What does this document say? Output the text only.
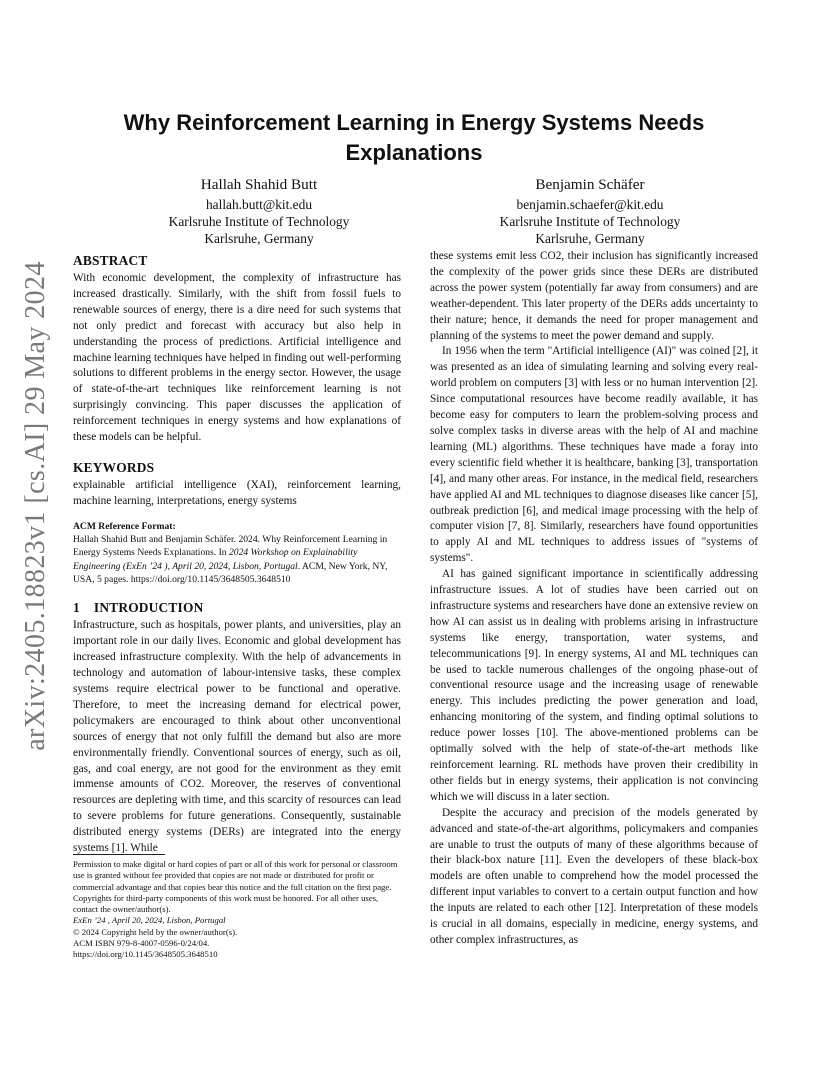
arXiv:2405.18823v1 [cs.AI] 29 May 2024
Why Reinforcement Learning in Energy Systems Needs Explanations
Hallah Shahid Butt
hallah.butt@kit.edu
Karlsruhe Institute of Technology
Karlsruhe, Germany
Benjamin Schäfer
benjamin.schaefer@kit.edu
Karlsruhe Institute of Technology
Karlsruhe, Germany
ABSTRACT

With economic development, the complexity of infrastructure has increased drastically. Similarly, with the shift from fossil fuels to renewable sources of energy, there is a dire need for such systems that not only predict and forecast with accuracy but also help in understanding the process of predictions. Artificial intelligence and machine learning techniques have helped in finding out well-performing solutions to different problems in the energy sector. However, the usage of state-of-the-art techniques like reinforcement learning is not surprisingly convincing. This paper discusses the application of reinforcement techniques in energy systems and how explanations of these models can be helpful.

KEYWORDS

explainable artificial intelligence (XAI), reinforcement learning, machine learning, interpretations, energy systems

ACM Reference Format:

Hallah Shahid Butt and Benjamin Schäfer. 2024. Why Reinforcement Learning in Energy Systems Needs Explanations. In 2024 Workshop on Explainability Engineering (ExEn ’24 ), April 20, 2024, Lisbon, Portugal. ACM, New York, NY, USA, 5 pages. https://doi.org/10.1145/3648505.3648510

1 INTRODUCTION

Infrastructure, such as hospitals, power plants, and universities, play an important role in our daily lives. Economic and global development has increased infrastructure complexity. With the help of advancements in technology and automation of labour-intensive tasks, these complex systems require electrical power to be functional and operative. Therefore, to meet the increasing demand for electrical power, policymakers are encouraged to think about other unconventional sources of energy that not only fulfill the demand but also are more environmentally friendly. Conventional sources of energy, such as oil, gas, and coal energy, are not good for the environment as they emit immense amounts of CO2. Moreover, the reserves of conventional resources are depleting with time, and this scarcity of resources can lead to severe problems for future generations. Consequently, sustainable distributed energy systems (DERs) are integrated into the energy systems [1]. While

these systems emit less CO2, their inclusion has significantly increased the complexity of the power grids since these DERs are distributed across the power system (potentially far away from consumers) and are weather-dependent. This later property of the DERs adds uncertainty to their nature; hence, it demands the need for proper management and planning of the systems to meet the power demand and supply.

In 1956 when the term "Artificial intelligence (AI)" was coined [2], it was presented as an idea of simulating learning and solving every real-world problem on computers [3] with less or no human intervention [2]. Since computational resources have become readily available, it has become easy for computers to learn the problem-solving process and solve complex tasks in diverse areas with the help of AI and machine learning (ML) algorithms. These techniques have made a foray into every scientific field whether it is healthcare, banking [3], transportation [4], and many other areas. For instance, in the medical field, researchers have applied AI and ML techniques to diagnose diseases like cancer [5], outbreak prediction [6], and medical image processing with the help of computer vision [7, 8]. Similarly, researchers have found opportunities to apply AI and ML techniques to address issues of "systems of systems".

AI has gained significant importance in scientifically addressing infrastructure issues. A lot of studies have been carried out on infrastructure systems and researchers have done an extensive review on how AI can assist us in dealing with problems arising in infrastructure systems like energy, transportation, water systems, and telecommunications [9]. In energy systems, AI and ML techniques can be used to tackle numerous challenges of the ongoing phase-out of conventional resource usage and the increasing usage of renewable energy. This includes predicting the power generation and load, enhancing monitoring of the system, and finding optimal solutions to reduce power losses [10]. The above-mentioned problems can be optimally solved with the help of state-of-the-art methods like reinforcement learning. RL methods have proven their credibility in other fields but in energy systems, their application is not convincing which we will discuss in a later section.

Despite the accuracy and precision of the models generated by advanced and state-of-the-art algorithms, policymakers and companies are unable to trust the outputs of many of these algorithms because of their black-box nature [11]. Even the developers of these black-box models are often unable to comprehend how the model processed the different input variables to convert to a certain output function and how the inputs are related to each other [12]. Interpretation of these models is crucial in all domains, especially in medicine, energy systems, and other complex infrastructures, as

Permission to make digital or hard copies of part or all of this work for personal or classroom use is granted without fee provided that copies are not made or distributed for profit or commercial advantage and that copies bear this notice and the full citation on the first page. Copyrights for third-party components of this work must be honored. For all other uses, contact the owner/author(s).

ExEn ’24 , April 20, 2024, Lisbon, Portugal

© 2024 Copyright held by the owner/author(s).

ACM ISBN 979-8-4007-0596-0/24/04.

https://doi.org/10.1145/3648505.3648510
